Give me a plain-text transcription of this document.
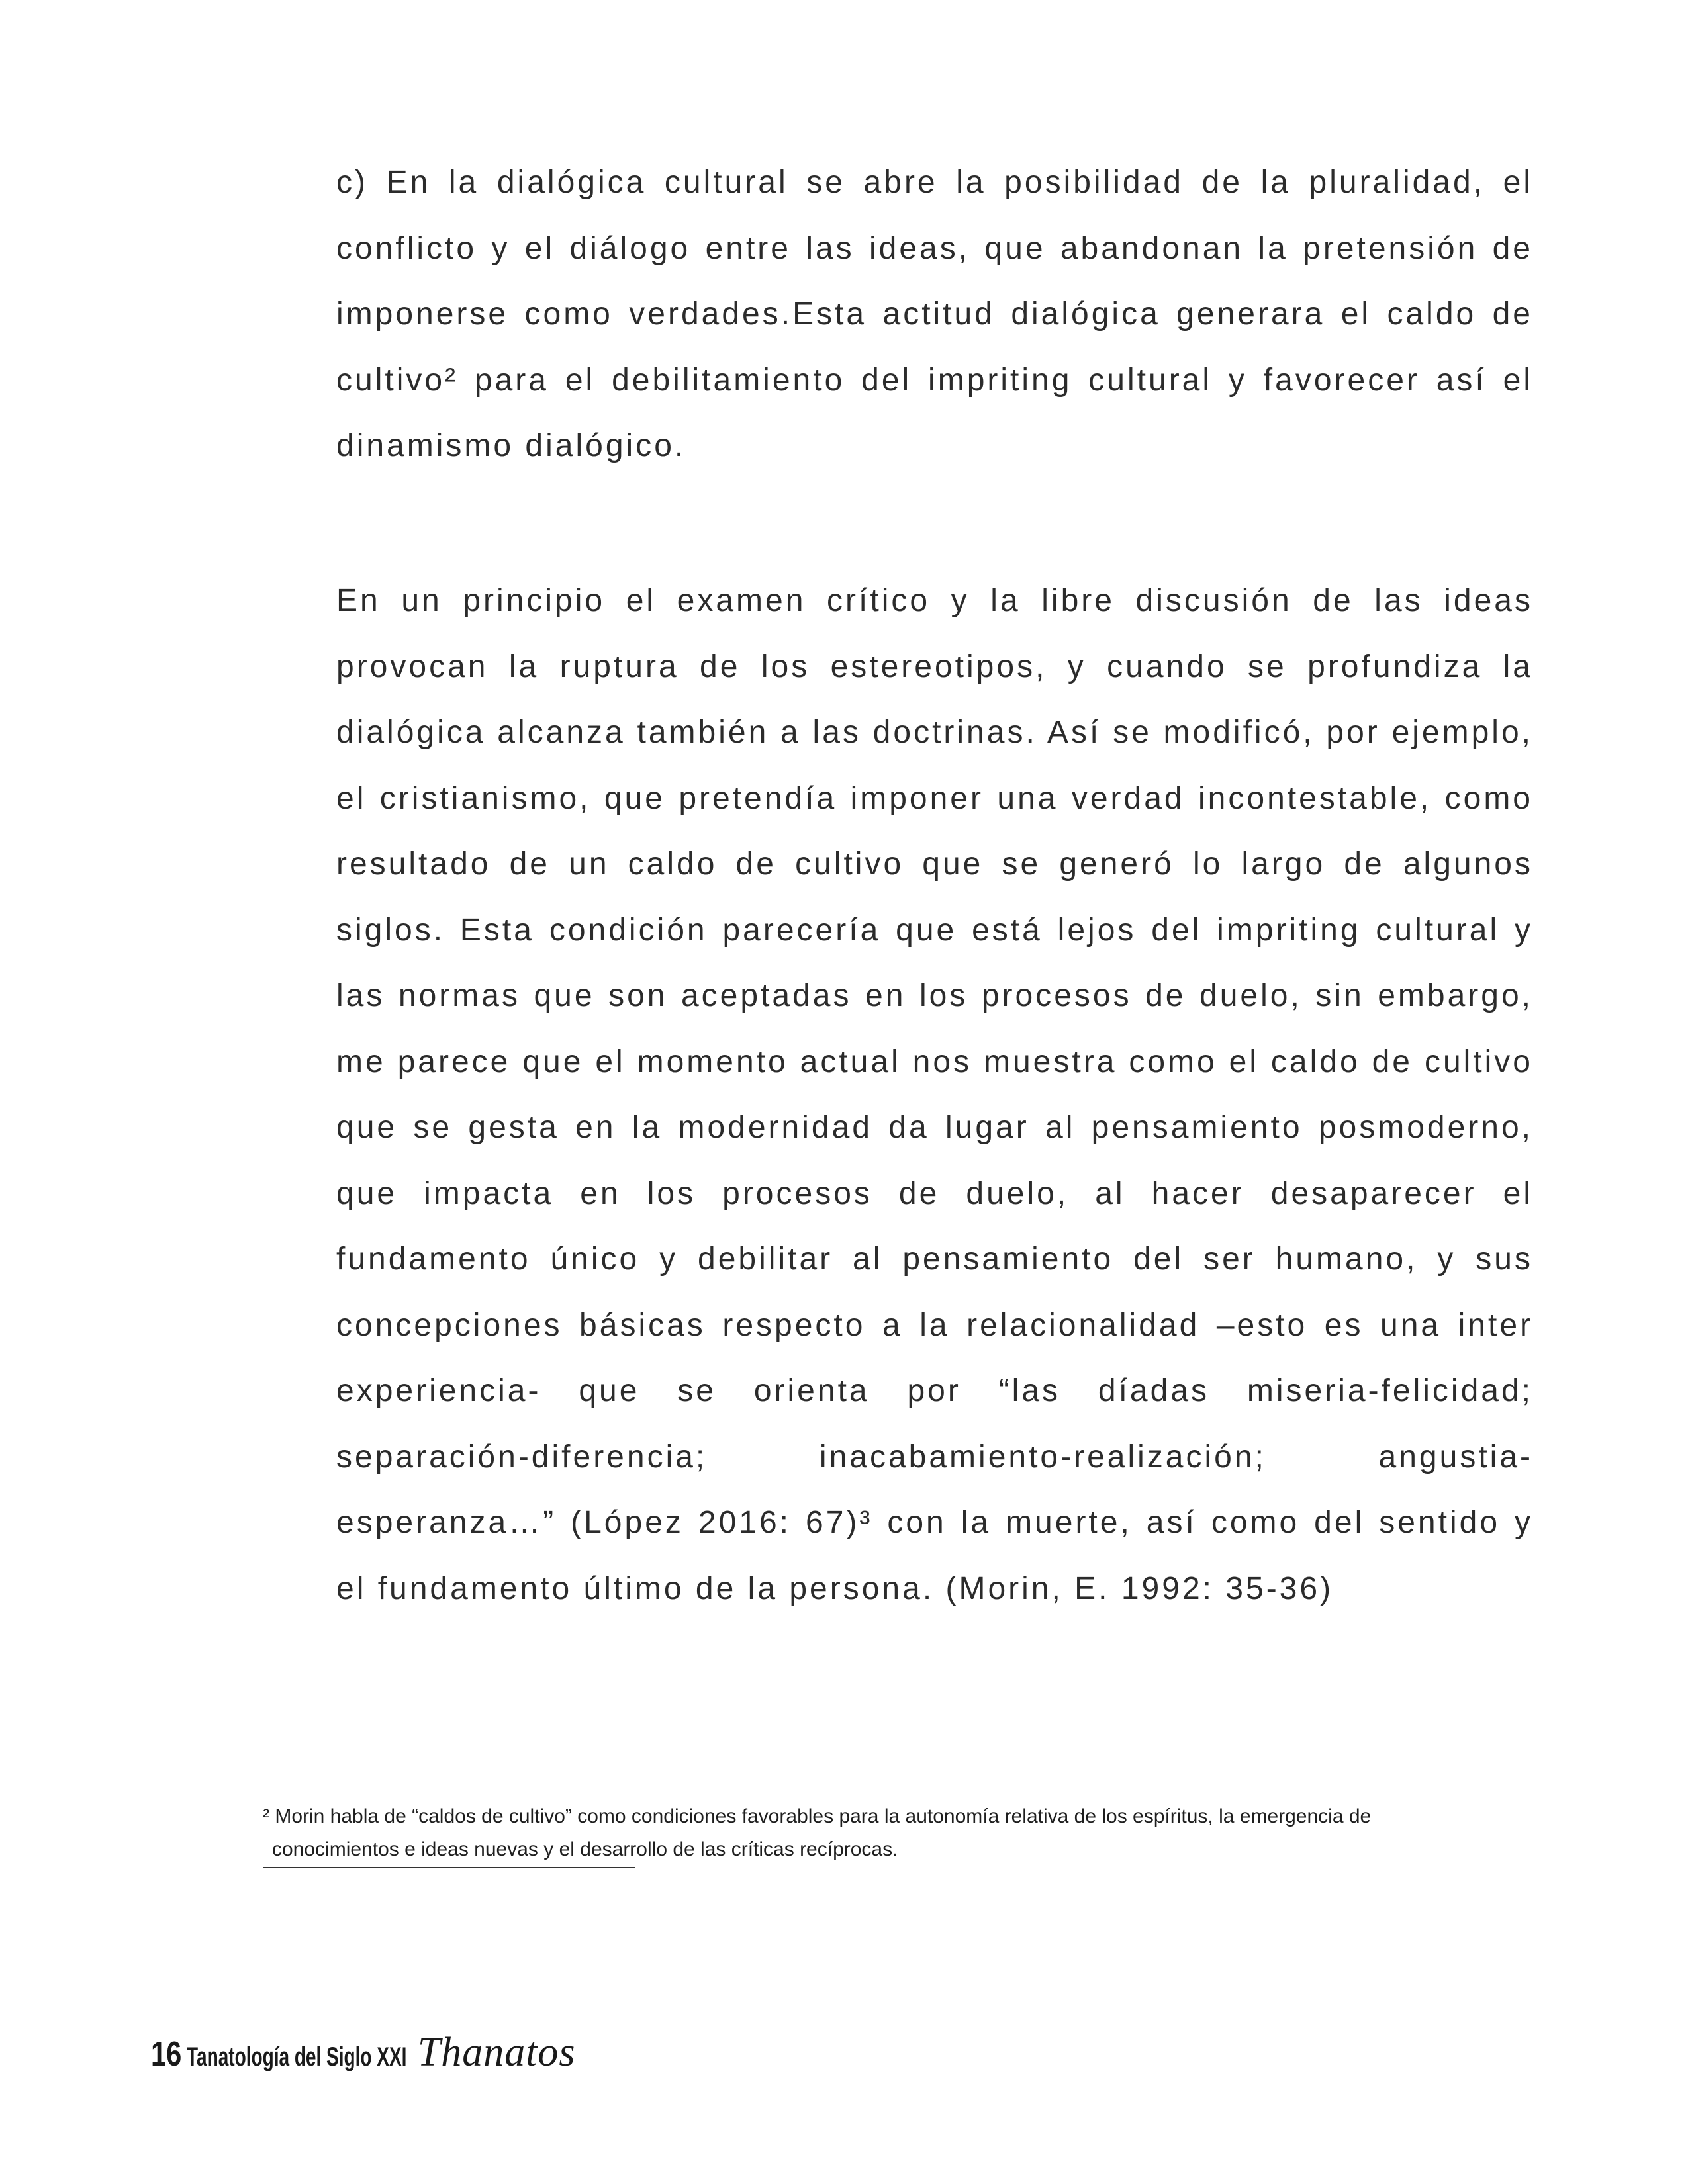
c) En la dialógica cultural se abre la posibilidad de la pluralidad, el conflicto y el diálogo entre las ideas, que abandonan la pretensión de imponerse como verdades.Esta actitud dialógica generara el caldo de cultivo² para el debilitamiento del impriting cultural y favorecer así el dinamismo dialógico.

En un principio el examen crítico y la libre discusión de las ideas provocan la ruptura de los estereotipos, y cuando se profundiza la dialógica alcanza también a las doctrinas. Así se modificó, por ejemplo, el cristianismo, que pretendía imponer una verdad incontestable, como resultado de un caldo de cultivo que se generó lo largo de algunos siglos. Esta condición parecería que está lejos del impriting cultural y las normas que son aceptadas en los procesos de duelo, sin embargo, me parece que el momento actual nos muestra como el caldo de cultivo que se gesta en la modernidad da lugar al pensamiento posmoderno, que impacta en los procesos de duelo, al hacer desaparecer el fundamento único y debilitar al pensamiento del ser humano, y sus concepciones básicas respecto a la relacionalidad –esto es una inter experiencia- que se orienta por “las díadas miseria-felicidad; separación-diferencia; inacabamiento-realización; angustia-esperanza…” (López 2016: 67)³ con la muerte, así como del sentido y el fundamento último de la persona. (Morin, E. 1992: 35-36)

² Morin habla de “caldos de cultivo” como condiciones favorables para la autonomía relativa de los espíritus, la emergencia de
conocimientos e ideas nuevas y el desarrollo de las críticas recíprocas.
16 Tanatología del Siglo XXI Thanatos
